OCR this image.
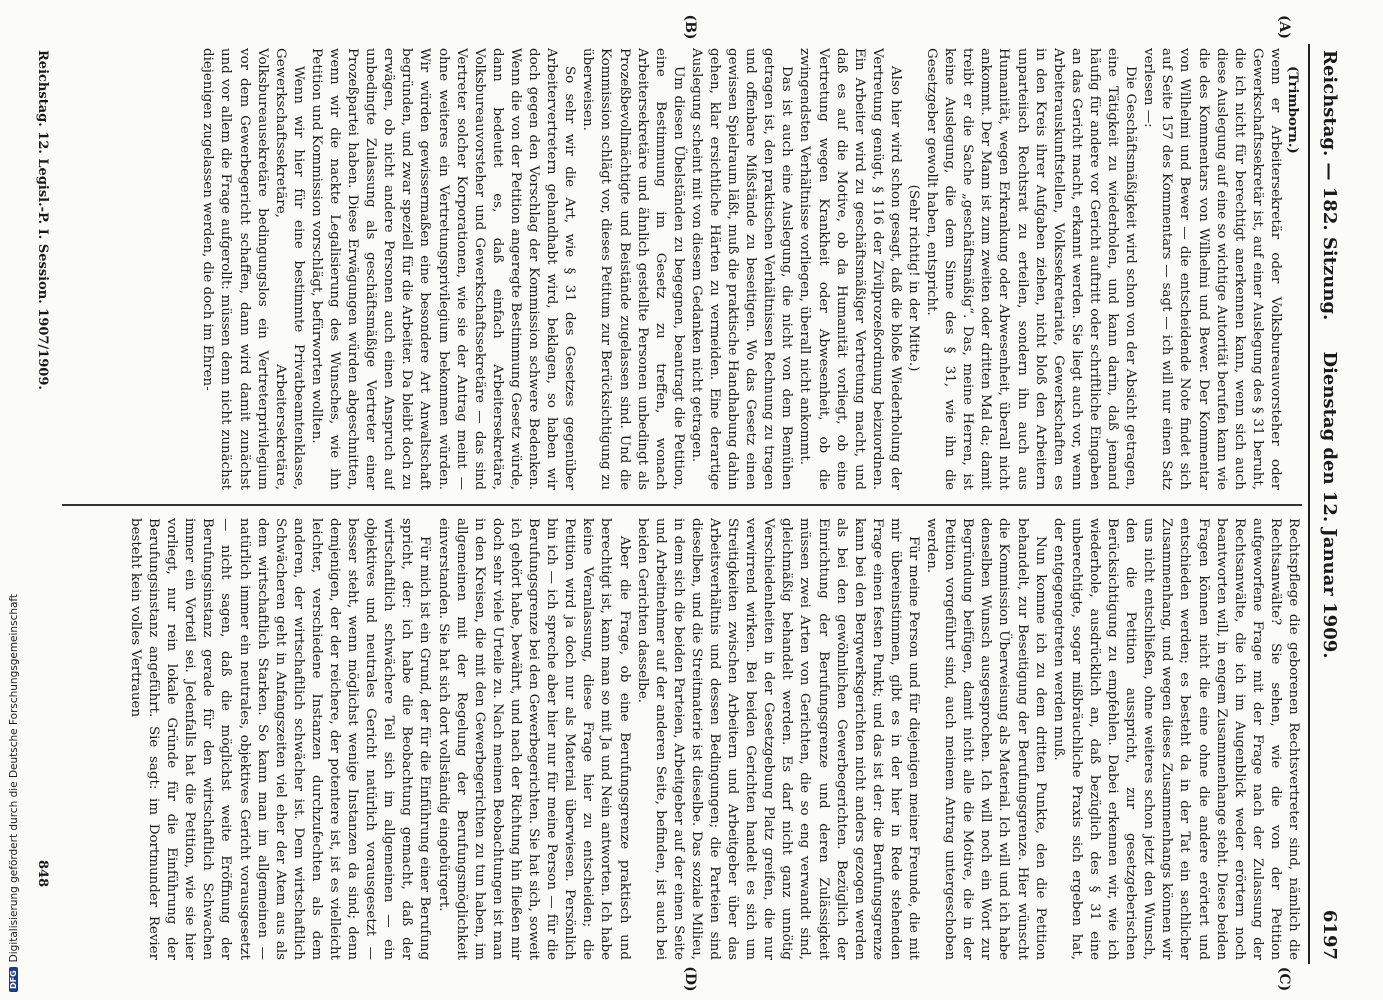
Reichstag. — 182. Sitzung.
Dienstag den 12. Januar 1909.
6197
(A)
(B)
(C)
(D)

(Trimborn.)

wenn er Arbeitersekretär oder Volksbureauvorsteher oder Gewerkschaftssekretär ist, auf einer Auslegung des § 31 beruht, die ich nicht für berechtigt anerkennen kann, wenn sich auch diese Auslegung auf eine so wichtige Autorität berufen kann wie die des Kommentars von Wilhelmi und Bewer. Der Kommentar von Wilhelmi und Bewer — die entscheidende Note findet sich auf Seite 157 des Kommentars — sagt — ich will nur einen Satz verlesen —:

Die Geschäftsmäßigkeit wird schon von der Absicht getragen, eine Tätigkeit zu wiederholen, und kann darin, daß jemand häufig für andere vor Gericht auftritt oder schriftliche Eingaben an das Gericht macht, erkannt werden. Sie liegt auch vor, wenn Arbeiterauskunftstellen, Volkssekretariate, Gewerkschaften es in den Kreis ihrer Aufgaben ziehen, nicht bloß den Arbeitern unparteiisch Rechtsrat zu erteilen, sondern ihn auch aus Humanität, wegen Erkrankung oder Abwesenheit, überall nicht ankommt. Der Mann ist zum zweiten oder dritten Mal da; damit treibt er die Sache „geschäftsmäßig“. Das, meine Herren, ist keine Auslegung, die dem Sinne des § 31, wie ihn die Gesetzgeber gewollt haben, entspricht.

(Sehr richtig! in der Mitte.)

Also hier wird schon gesagt, daß die bloße Wiederholung der Vertretung genügt, § 116 der Zivilprozeßordnung beizuordnen. Ein Arbeiter wird zu geschäftsmäßiger Vertretung macht, und daß es auf die Motive, ob da Humanität vorliegt, ob eine Vertretung wegen Krankheit oder Abwesenheit, ob die zwingendsten Verhältnisse vorliegen, überall nicht ankommt.

Das ist auch eine Auslegung, die nicht von dem Bemühen getragen ist, den praktischen Verhältnissen Rechnung zu tragen und offenbare Mißstände zu beseitigen. Wo das Gesetz einen gewissen Spielraum läßt, muß die praktische Handhabung dahin gehen, klar ersichtliche Härten zu vermeiden. Eine derartige Auslegung scheint mit von diesem Gedanken nicht getragen.

Um diesen Übelständen zu begegnen, beantragt die Petition, eine Bestimmung im Gesetz zu treffen, wonach Arbeitersekretäre und ähnlich gestellte Personen unbedingt als Prozeßbevollmächtigte und Beistände zugelassen sind. Und die Kommission schlägt vor, dieses Petitum zur Berücksichtigung zu überweisen.

So sehr wir die Art, wie § 31 des Gesetzes gegenüber Arbeitervertretern gehandhabt wird, beklagen, so haben wir doch gegen den Vorschlag der Kommission schwere Bedenken. Wenn die von der Petition angeregte Bestimmung Gesetz würde, dann bedeutet es, daß einfach Arbeitersekretäre, Volksbureauvorsteher und Gewerkschaftssekretäre — das sind Vertreter solcher Korporationen, wie sie der Antrag meint — ohne weiteres ein Vertretungsprivilegium bekommen würden. Wir würden gewissermaßen eine besondere Art Anwaltschaft begründen, und zwar speziell für die Arbeiter. Da bleibt doch zu erwägen, ob nicht andere Personen auch einen Anspruch auf unbedingte Zulassung als geschäftsmäßige Vertreter einer Prozeßpartei haben. Diese Erwägungen würden abgeschnitten, wenn wir die nackte Legalisierung des Wunsches, wie ihn Petition und Kommission vorschlägt, befürworten wollten.

Wenn wir hier für eine bestimmte Privatbeamtenklasse, Gewerkschaftssekretäre, Arbeitersekretäre, Volksbureausekretäre bedingungslos ein Vertreterprivilegium vor dem Gewerbegericht schaffen, dann wird damit zunächst und vor allem die Frage aufgerollt: müssen denn nicht zunächst diejenigen zugelassen werden, die doch im Ehren-

Rechtspflege die geborenen Rechtsvertreter sind, nämlich die Rechtsanwälte? Sie sehen, wie die von der Petition aufgeworfene Frage mit der Frage nach der Zulassung der Rechtsanwälte, die ich im Augenblick weder erörtern noch beantworten will, in engem Zusammenhange steht. Diese beiden Fragen können nicht die eine ohne die andere erörtert und entschieden werden; es besteht da in der Tat ein sachlicher Zusammenhang, und wegen dieses Zusammenhangs können wir uns nicht entschließen, ohne weiteres schon jetzt den Wunsch, den die Petition ausspricht, zur gesetzgeberischen Berücksichtigung zu empfehlen. Dabei erkennen wir, wie ich wiederhole, ausdrücklich an, daß bezüglich des § 31 eine unberechtigte, sogar mißbräuchliche Praxis sich ergeben hat, der entgegengetreten werden muß.

Nun komme ich zu dem dritten Punkte, den die Petition behandelt, zur Beseitigung der Berufungsgrenze. Hier wünscht die Kommission Überweisung als Material. Ich will und ich habe denselben Wunsch ausgesprochen. Ich will noch ein Wort zur Begründung beifügen, damit nicht alle die Motive, die in der Petition vorgeführt sind, auch meinem Antrag untergeschoben werden.

Für meine Person und für diejenigen meiner Freunde, die mit mir übereinstimmen, gibt es in der hier in Rede stehenden Frage einen festen Punkt; und das ist der: die Berufungsgrenze kann bei den Bergwerksgerichten nicht anders gezogen werden als bei den gewöhnlichen Gewerbegerichten. Bezüglich der Einrichtung der Berufungsgrenze und deren Zulässigkeit müssen zwei Arten von Gerichten, die so eng verwandt sind, gleichmäßig behandelt werden. Es darf nicht ganz unnötig Verschiedenheiten in der Gesetzgebung Platz greifen, die nur verwirrend wirken. Bei beiden Gerichten handelt es sich um Streitigkeiten zwischen Arbeitern und Arbeitgeber über das Arbeitsverhältnis und dessen Bedingungen; die Parteien sind dieselben, und die Streitmaterie ist dieselbe. Das soziale Milieu, in dem sich die beiden Parteien, Arbeitgeber auf der einen Seite und Arbeitnehmer auf der anderen Seite, befinden, ist auch bei beiden Gerichten dasselbe.

Aber die Frage, ob eine Berufungsgrenze praktisch und berechtigt ist, kann man so mit Ja und Nein antworten. Ich habe keine Veranlassung, diese Frage hier zu entscheiden; die Petition wird ja doch nur als Material überwiesen. Persönlich bin ich — ich spreche aber hier nur für meine Person — für die Berufungsgrenze bei den Gewerbegerichten. Sie hat sich, soweit ich gehört habe, bewährt, und nach der Richtung hin fließen mir doch sehr viele Urteile zu. Nach meinen Beobachtungen ist man in den Kreisen, die mit den Gewerbegerichten zu tun haben, im allgemeinen mit der Regelung der Berufungsmöglichkeit einverstanden. Sie hat sich dort vollständig eingebürgert.

Für mich ist ein Grund, der für die Einführung einer Berufung spricht, der: ich habe die Beobachtung gemacht, daß der wirtschaftlich schwächere Teil sich im allgemeinen — ein objektives und neutrales Gericht natürlich vorausgesetzt — besser steht, wenn möglichst wenige Instanzen da sind; denn demjenigen, der der reichere, der potentere ist, ist es vielleicht leichter, verschiedene Instanzen durchzufechten als dem anderen, der wirtschaftlich schwächer ist. Dem wirtschaftlich Schwächeren geht in Anfangszeiten viel eher der Atem aus als dem wirtschaftlich Starken. So kann man im allgemeinen — natürlich immer ein neutrales, objektives Gericht vorausgesetzt — nicht sagen, daß die möglichst weite Eröffnung der Berufungsinstanz gerade für den wirtschaftlich Schwachen immer ein Vorteil sei. Jedenfalls hat die Petition, wie sie hier vorliegt, nur rein lokale Gründe für die Einführung der Berufungsinstanz angeführt. Sie sagt: im Dortmunder Revier besteht kein volles Vertrauen

Reichstag. 12. Legisl.-P. I. Session. 1907/1909.
848
DFGDigitalisierung gefördert durch die Deutsche Forschungsgemeinschaft
